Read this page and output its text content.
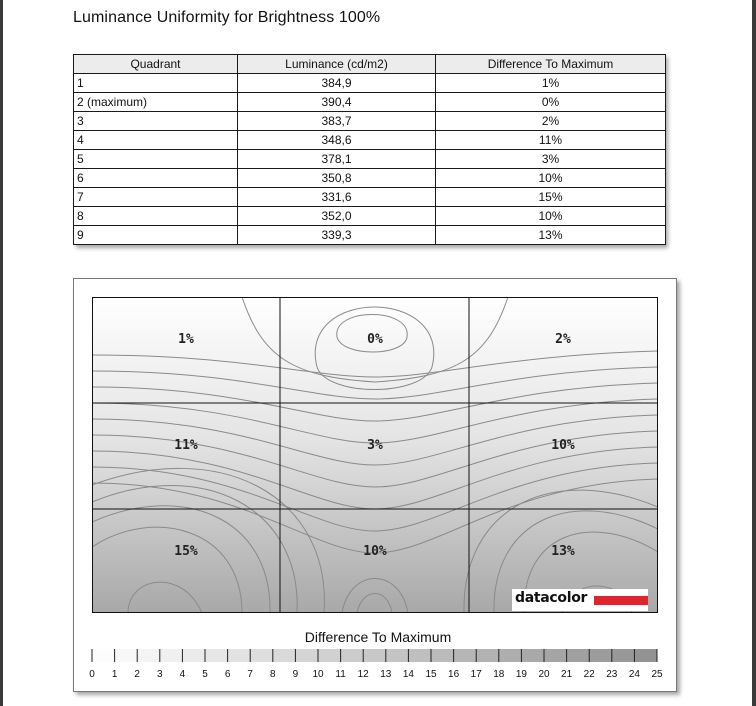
Luminance Uniformity for Brightness 100%
Quadrant	Luminance (cd/m2)	Difference To Maximum
1	384,9	1%
2 (maximum)	390,4	0%
3	383,7	2%
4	348,6	11%
5	378,1	3%
6	350,8	10%
7	331,6	15%
8	352,0	10%
9	339,3	13%
1%	0%	2%
11%	3%	10%
15%	10%	13%
datacolor
Difference To Maximum
0 1 2 3 4 5 6 7 8 9 10 11 12 13 14 15 16 17 18 19 20 21 22 23 24 25
